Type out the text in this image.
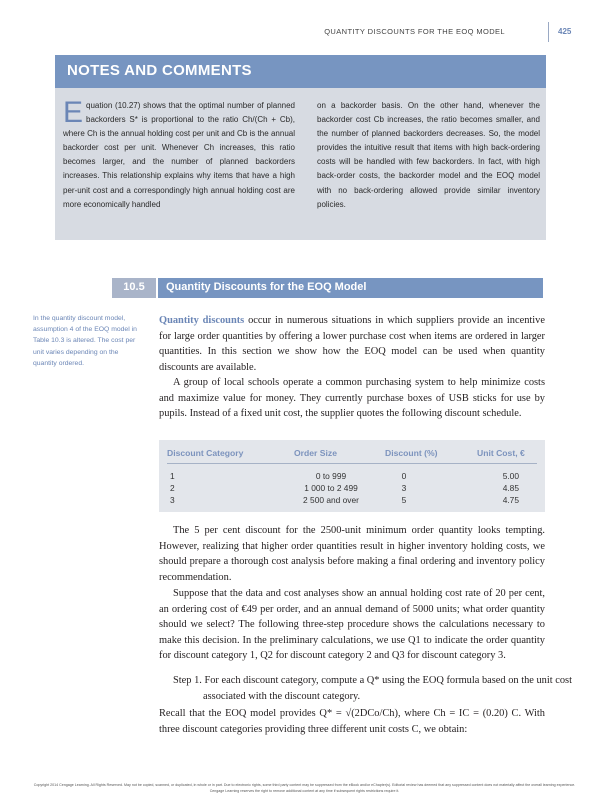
QUANTITY DISCOUNTS FOR THE EOQ MODEL	425
NOTES AND COMMENTS
E quation (10.27) shows that the optimal number of planned backorders S* is proportional to the ratio Ch/(Ch + Cb), where Ch is the annual holding cost per unit and Cb is the annual backorder cost per unit. Whenever Ch increases, this ratio becomes larger, and the number of planned backorders increases. This relationship explains why items that have a high per-unit cost and a correspondingly high annual holding cost are more economically handled
on a backorder basis. On the other hand, whenever the backorder cost Cb increases, the ratio becomes smaller, and the number of planned backorders decreases. So, the model provides the intuitive result that items with high back-ordering costs will be handled with few backorders. In fact, with high back-order costs, the backorder model and the EOQ model with no back-ordering allowed provide similar inventory policies.
10.5	Quantity Discounts for the EOQ Model
In the quantity discount model, assumption 4 of the EOQ model in Table 10.3 is altered. The cost per unit varies depending on the quantity ordered.
Quantity discounts occur in numerous situations in which suppliers provide an incentive for large order quantities by offering a lower purchase cost when items are ordered in larger quantities. In this section we show how the EOQ model can be used when quantity discounts are available.
A group of local schools operate a common purchasing system to help minimize costs and maximize value for money. They currently purchase boxes of USB sticks for use by pupils. Instead of a fixed unit cost, the supplier quotes the following discount schedule.
Discount Category	Order Size	Discount (%)	Unit Cost, €
1	0 to 999	0	5.00
2	1 000 to 2 499	3	4.85
3	2 500 and over	5	4.75
The 5 per cent discount for the 2500-unit minimum order quantity looks tempting. However, realizing that higher order quantities result in higher inventory holding costs, we should prepare a thorough cost analysis before making a final ordering and inventory policy recommendation.
Suppose that the data and cost analyses show an annual holding cost rate of 20 per cent, an ordering cost of €49 per order, and an annual demand of 5000 units; what order quantity should we select? The following three-step procedure shows the calculations necessary to make this decision. In the preliminary calculations, we use Q1 to indicate the order quantity for discount category 1, Q2 for discount category 2 and Q3 for discount category 3.
Step 1. For each discount category, compute a Q* using the EOQ formula based on the unit cost associated with the discount category.
Recall that the EOQ model provides Q* = √(2DCo/Ch), where Ch = IC = (0.20) C. With three discount categories providing three different unit costs C, we obtain:
Copyright 2014 Cengage Learning. All Rights Reserved. May not be copied, scanned, or duplicated, in whole or in part. Due to electronic rights, some third party content may be suppressed from the eBook and/or eChapter(s). Editorial review has deemed that any suppressed content does not materially affect the overall learning experience. Cengage Learning reserves the right to remove additional content at any time if subsequent rights restrictions require it.
